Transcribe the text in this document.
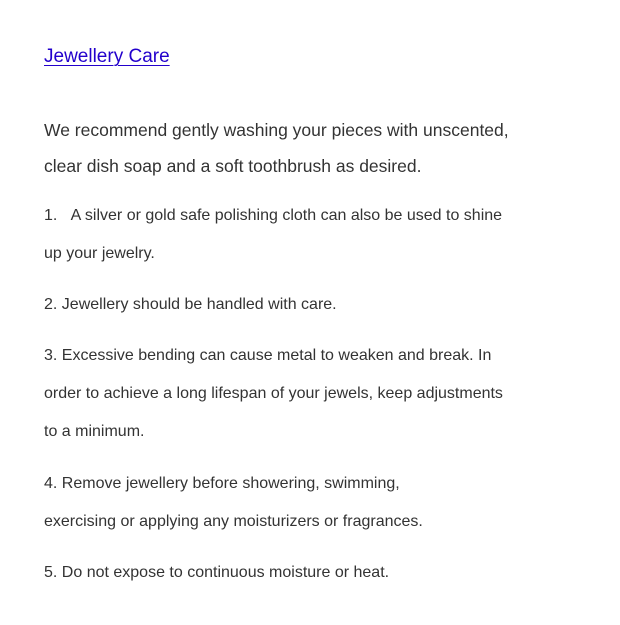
Jewellery Care

We recommend gently washing your pieces with unscented,
clear dish soap and a soft toothbrush as desired.

1.   A silver or gold safe polishing cloth can also be used to shine
up your jewelry.

2. Jewellery should be handled with care.

3. Excessive bending can cause metal to weaken and break. In
order to achieve a long lifespan of your jewels, keep adjustments
to a minimum.

4. Remove jewellery before showering, swimming,
exercising or applying any moisturizers or fragrances.

5. Do not expose to continuous moisture or heat.
